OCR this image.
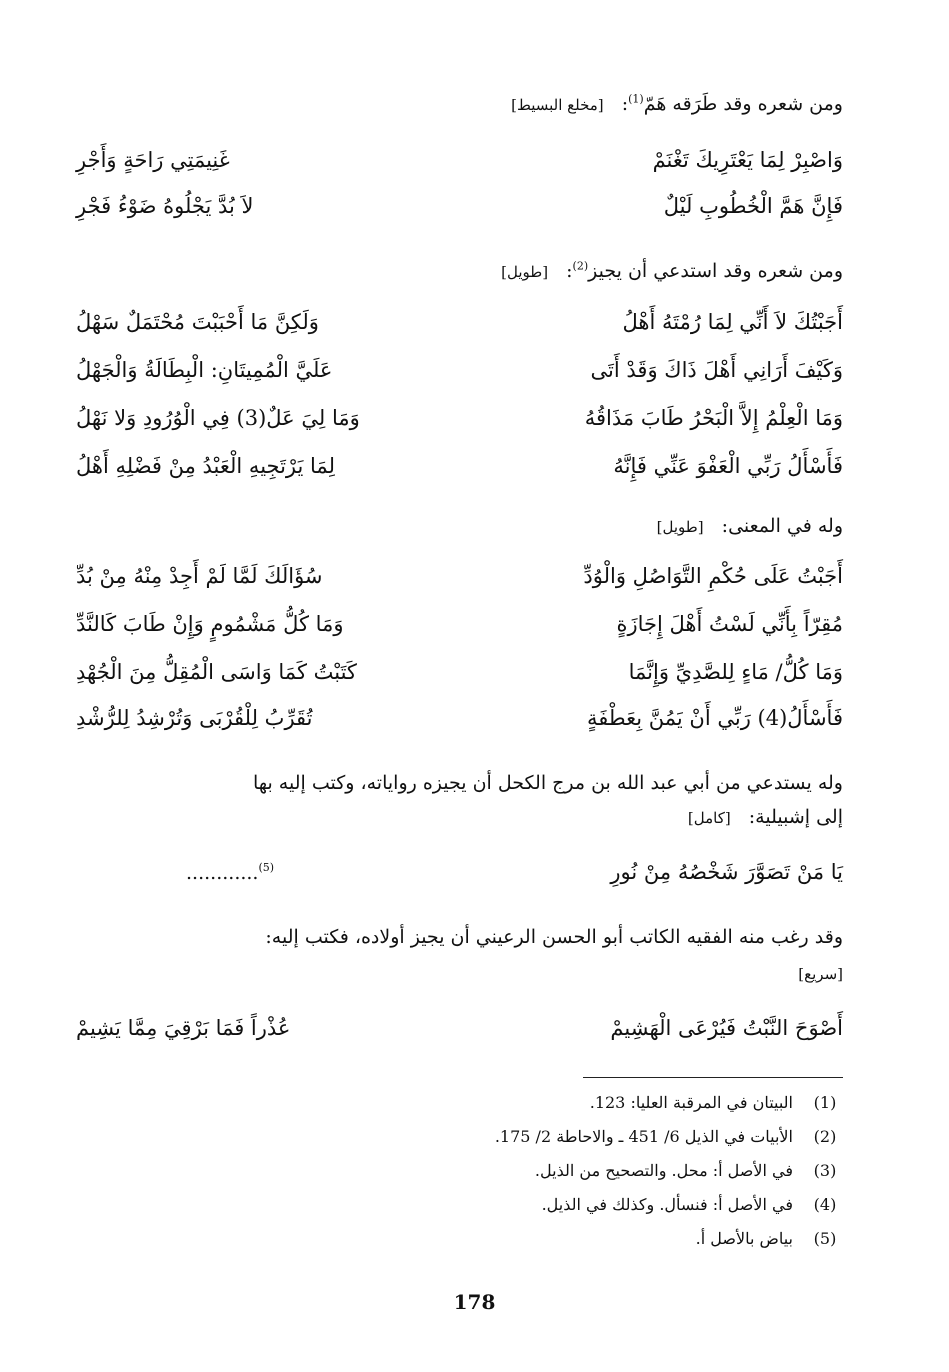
ومن شعره وقد طَرَقه هَمّ$^{(1)}$: [مخلع البسيط]
وَاصْبِرْ لِمَا يَعْتَرِيكَ تَغْنَمْ
غَنِيمَتِي رَاحَةٍ وَأَجْرِ
فَإِنَّ هَمَّ الْخُطُوبِ لَيْلٌ
لاَ بُدَّ يَجْلُوهُ ضَوْءُ فَجْرِ
ومن شعره وقد استدعي أن يجيز$^{(2)}$: [طويل]
أَجَبْتُكَ لاَ أَنِّي لِمَا رُمْتَهُ أَهْلُ
وَلَكِنَّ مَا أَحْبَبْتَ مُحْتَمَلٌ سَهْلُ
وَكَيْفَ أَرَانِي أَهْلَ ذَاكَ وَقَدْ أَتَى
عَلَيَّ الْمُمِيتَانِ: الْبِطَالَةُ وَالْجَهْلُ
وَمَا الْعِلْمُ إِلاَّ الْبَحْرُ طَابَ مَذَاقُهُ
وَمَا لِيَ عَلٌ(3) فِي الْوُرُودِ وَلا نَهْلُ
فَأَسْأَلُ رَبِّي الْعَفْوَ عَنِّي فَإِنَّهُ
لِمَا يَرْتَجِيهِ الْعَبْدُ مِنْ فَضْلِهِ أَهْلُ
وله في المعنى: [طويل]
أَجَبْتُ عَلَى حُكْمِ التَّوَاصُلِ وَالْوُدِّ
سُؤَالَكَ لَمَّا لَمْ أَجِدْ مِنْهُ مِنْ بُدِّ
مُقِرّاً بِأَنِّي لَسْتُ أَهْلَ إِجَازَةٍ
وَمَا كُلُّ مَشْمُومٍ وَإِنْ طَابَ كَالنَّدِّ
وَمَا كُلُّ/ مَاءٍ لِلصَّدِيِّ وَإِنَّمَا
كَتَبْتُ كَمَا وَاسَى الْمُقِلُّ مِنَ الْجُهْدِ
فَأَسْأَلُ(4) رَبِّي أَنْ يَمُنَّ بِعَطْفَةٍ
تُقَرِّبُ لِلْقُرْبَى وَتُرْشِدُ لِلرُّشْدِ
وله يستدعي من أبي عبد الله بن مرج الكحل أن يجيزه رواياته، وكتب إليه بها
إلى إشبيلية: [كامل]
يَا مَنْ تَصَوَّرَ شَخْصُهُ مِنْ نُورِ
$^{(5)}$............
وقد رغب منه الفقيه الكاتب أبو الحسن الرعيني أن يجيز أولاده، فكتب إليه:
[سريع]
أَصْوَحَ النَّبْتُ فَيُرْعَى الْهَشِيمْ
عُذْراً فَمَا بَرْقِيَ مِمَّا يَشِيمْ
(1)
البيتان في المرقبة العليا: 123.
(2)
الأبيات في الذيل 6/ 451 ـ والاحاطة 2/ 175.
(3)
في الأصل أ: محل. والتصحيح من الذيل.
(4)
في الأصل أ: فنسأل. وكذلك في الذيل.
(5)
بياض بالأصل أ.
178
